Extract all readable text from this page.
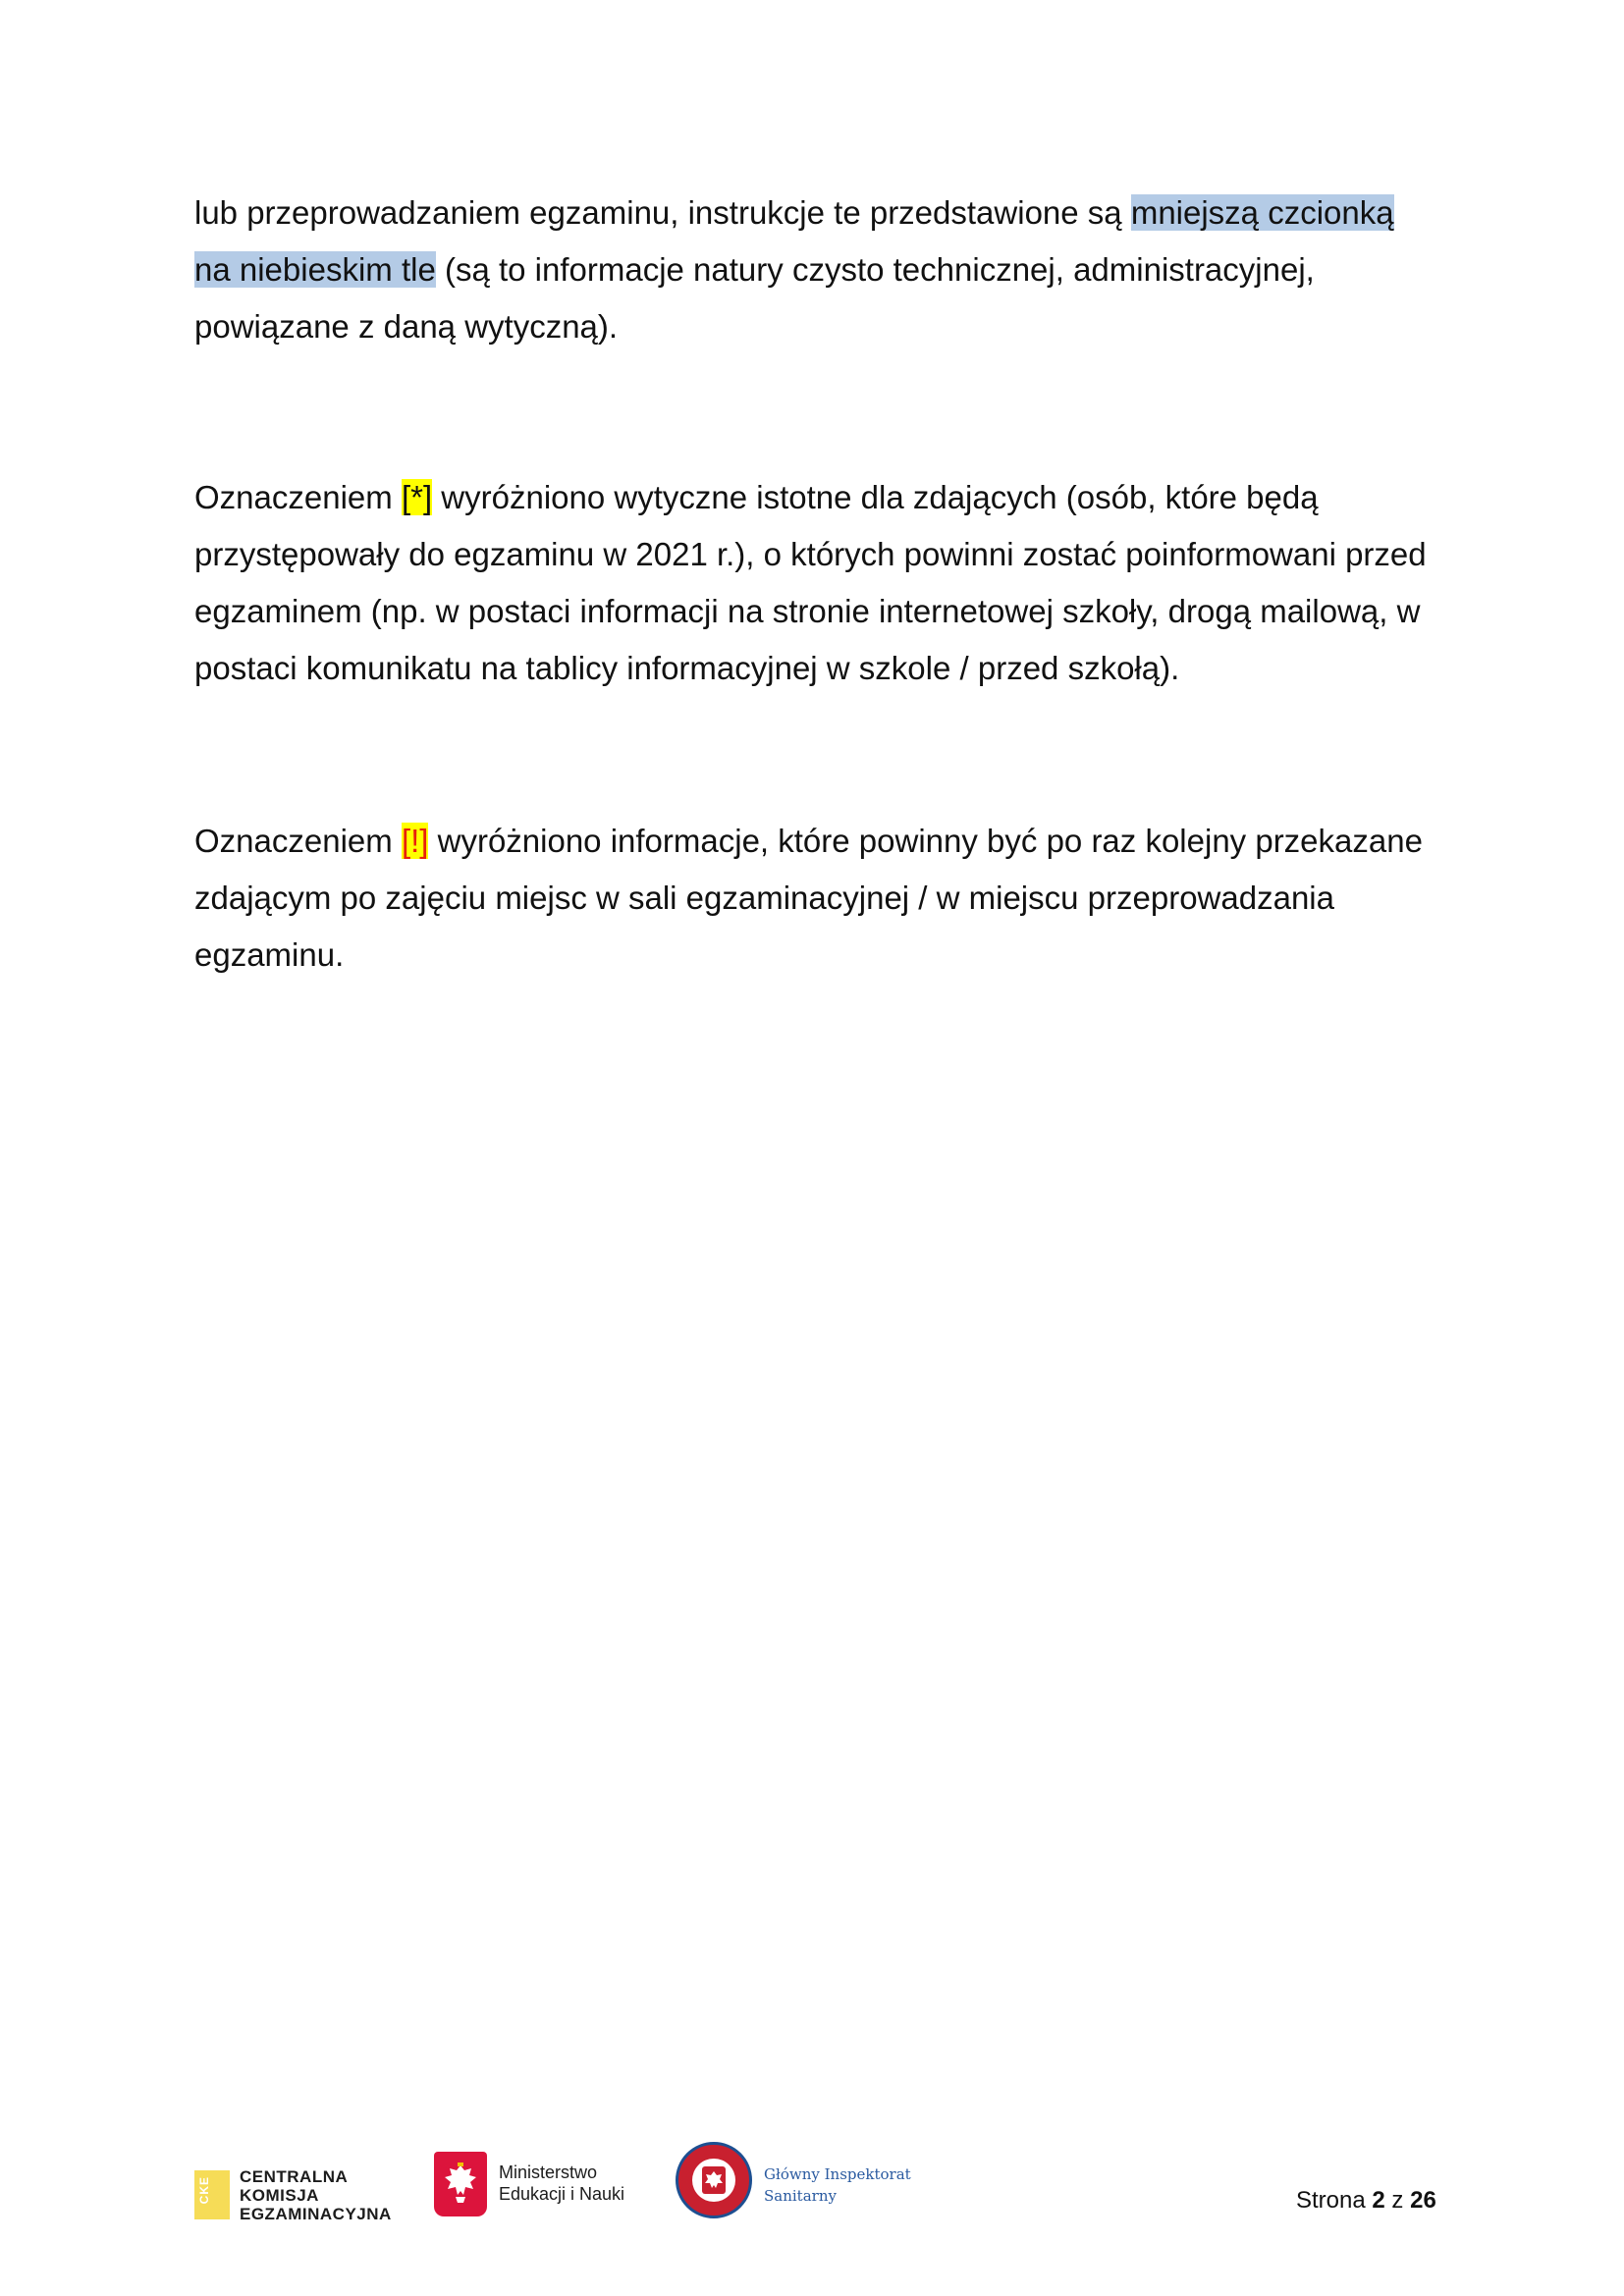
lub przeprowadzaniem egzaminu, instrukcje te przedstawione są mniejszą czcionką
na niebieskim tle (są to informacje natury czysto technicznej, administracyjnej, powiązane z daną wytyczną).

Oznaczeniem [*] wyróżniono wytyczne istotne dla zdających (osób, które będą przystępowały do egzaminu w 2021 r.), o których powinni zostać poinformowani przed egzaminem (np. w postaci informacji na stronie internetowej szkoły, drogą mailową, w postaci komunikatu na tablicy informacyjnej w szkole / przed szkołą).

Oznaczeniem [!] wyróżniono informacje, które powinny być po raz kolejny przekazane zdającym po zajęciu miejsc w sali egzaminacyjnej / w miejscu przeprowadzania egzaminu.

CKE CENTRALNA
KOMISJA
EGZAMINACYJNA
Ministerstwo
Edukacji i Nauki
Główny Inspektorat
Sanitarny	Strona 2 z 26
